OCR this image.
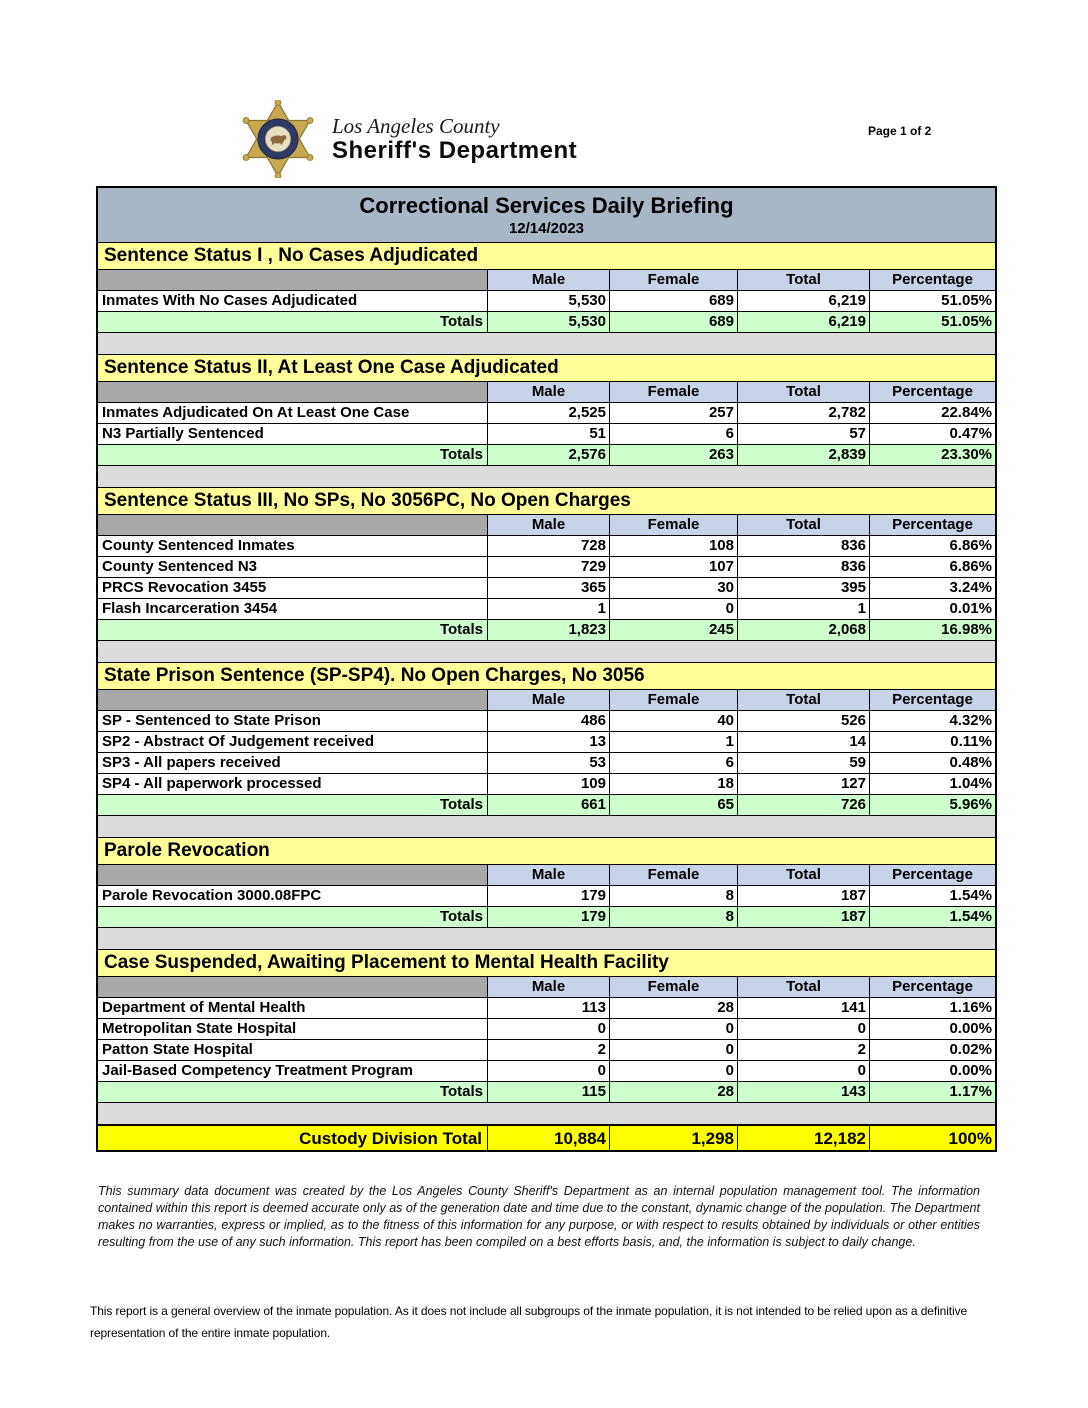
Los Angeles County
Sheriff's Department
Page 1 of 2
Correctional Services Daily Briefing
12/14/2023
Sentence Status I , No Cases Adjudicated
Male	Female	Total	Percentage
Inmates With No Cases Adjudicated	5,530	689	6,219	51.05%
Totals	5,530	689	6,219	51.05%
Sentence Status II, At Least One Case Adjudicated
Male	Female	Total	Percentage
Inmates Adjudicated On At Least One Case	2,525	257	2,782	22.84%
N3 Partially Sentenced	51	6	57	0.47%
Totals	2,576	263	2,839	23.30%
Sentence Status III, No SPs, No 3056PC, No Open Charges
Male	Female	Total	Percentage
County Sentenced Inmates	728	108	836	6.86%
County Sentenced N3	729	107	836	6.86%
PRCS Revocation 3455	365	30	395	3.24%
Flash Incarceration 3454	1	0	1	0.01%
Totals	1,823	245	2,068	16.98%
State Prison Sentence (SP-SP4). No Open Charges, No 3056
Male	Female	Total	Percentage
SP - Sentenced to State Prison	486	40	526	4.32%
SP2 - Abstract Of Judgement received	13	1	14	0.11%
SP3 - All papers received	53	6	59	0.48%
SP4 - All paperwork processed	109	18	127	1.04%
Totals	661	65	726	5.96%
Parole Revocation
Male	Female	Total	Percentage
Parole Revocation 3000.08FPC	179	8	187	1.54%
Totals	179	8	187	1.54%
Case Suspended, Awaiting Placement to Mental Health Facility
Male	Female	Total	Percentage
Department of Mental Health	113	28	141	1.16%
Metropolitan State Hospital	0	0	0	0.00%
Patton State Hospital	2	0	2	0.02%
Jail-Based Competency Treatment Program	0	0	0	0.00%
Totals	115	28	143	1.17%
Custody Division Total	10,884	1,298	12,182	100%

This summary data document was created by the Los Angeles County Sheriff's Department as an internal population management tool. The information contained within this report is deemed accurate only as of the generation date and time due to the constant, dynamic change of the population. The Department makes no warranties, express or implied, as to the fitness of this information for any purpose, or with respect to results obtained by individuals or other entities resulting from the use of any such information. This report has been compiled on a best efforts basis, and, the information is subject to daily change.

This report is a general overview of the inmate population. As it does not include all subgroups of the inmate population, it is not intended to be relied upon as a definitive representation of the entire inmate population.
